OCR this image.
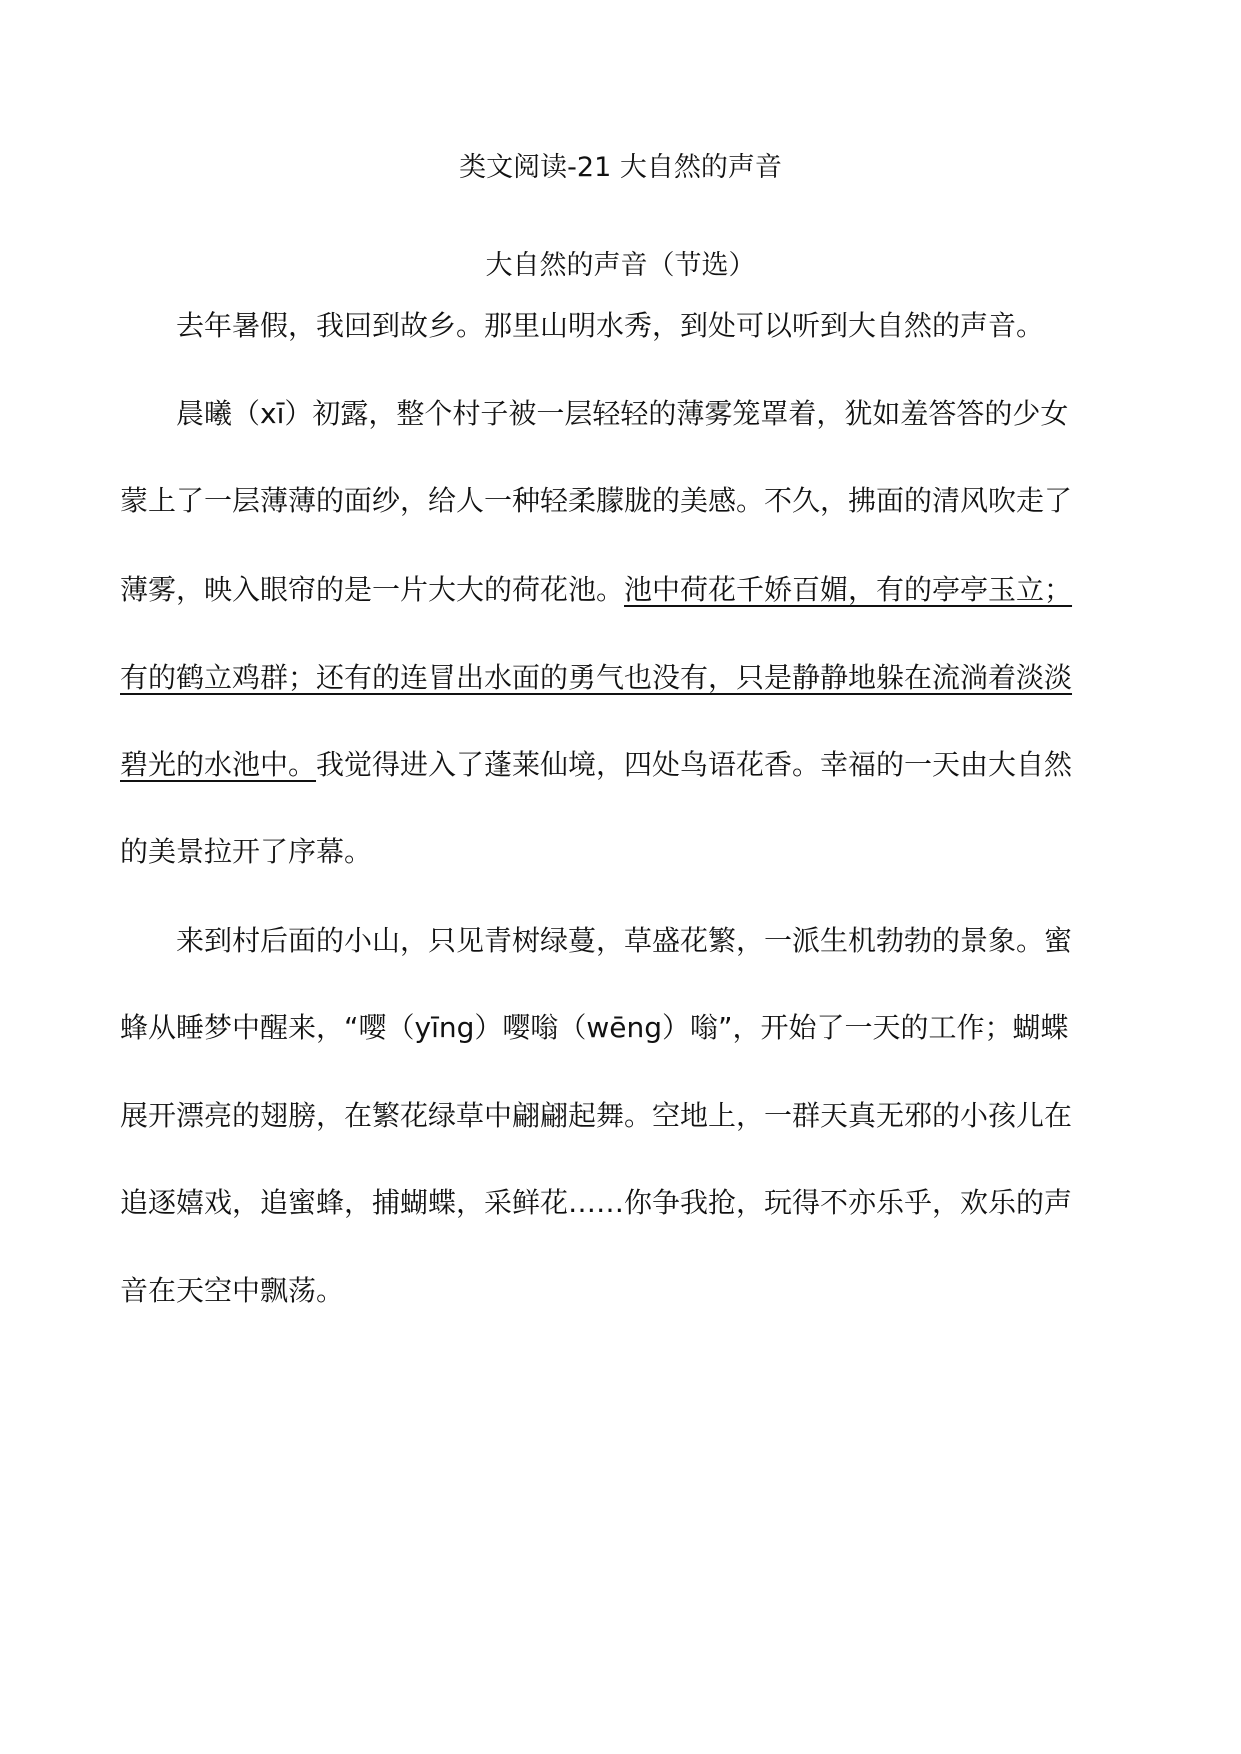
类文阅读-21 大自然的声音
大自然的声音（节选）
去年暑假，我回到故乡。那里山明水秀，到处可以听到大自然的声音。
晨曦（xī）初露，整个村子被一层轻轻的薄雾笼罩着，犹如羞答答的少女
蒙上了一层薄薄的面纱，给人一种轻柔朦胧的美感。不久，拂面的清风吹走了
薄雾，映入眼帘的是一片大大的荷花池。池中荷花千娇百媚，有的亭亭玉立；
有的鹤立鸡群；还有的连冒出水面的勇气也没有，只是静静地躲在流淌着淡淡
碧光的水池中。我觉得进入了蓬莱仙境，四处鸟语花香。幸福的一天由大自然
的美景拉开了序幕。
来到村后面的小山，只见青树绿蔓，草盛花繁，一派生机勃勃的景象。蜜
蜂从睡梦中醒来，“嘤（yīng）嘤嗡（wēng）嗡”，开始了一天的工作；蝴蝶
展开漂亮的翅膀，在繁花绿草中翩翩起舞。空地上，一群天真无邪的小孩儿在
追逐嬉戏，追蜜蜂，捕蝴蝶，采鲜花……你争我抢，玩得不亦乐乎，欢乐的声
音在天空中飘荡。
